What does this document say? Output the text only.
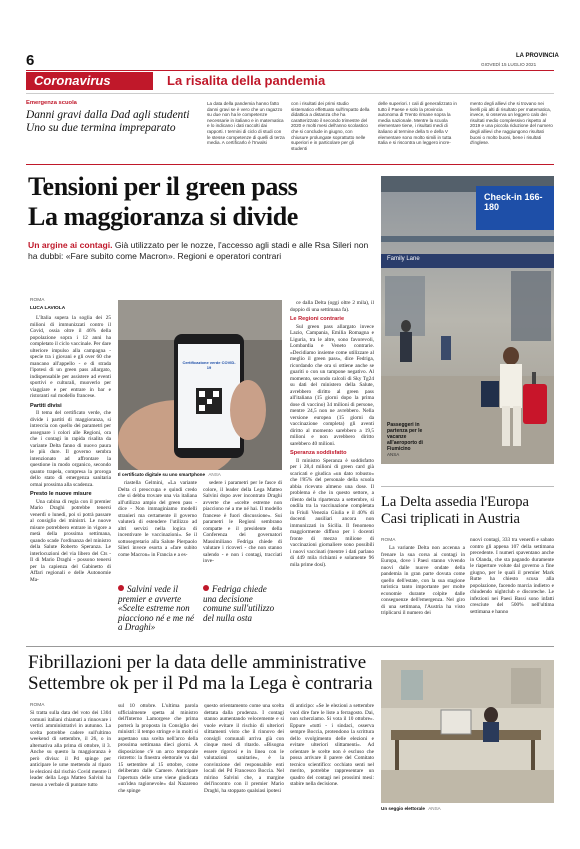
6	LA PROVINCIA
GIOVEDÌ 15 LUGLIO 2021
Coronavirus	La risalita della pandemia
Emergenza scuola
Danni gravi dalla Dad agli studenti Uno su due termina impreparato
La data della pandemia hanno fatto danni gravi se è vero che un ragazzo su due non ha le competenze necessarie in italiano e in matematica e lo indicano i dati raccolti dai rapporti. I termini di ciclo di studi con le stesse competenze di quelli di terza media. A certificarlo è l'Invalsi
con i risultati dei primi studio sistematico effettuato sull'impatto della didattica a distanza che ha caratterizzato il secondo trimestre del 2020 e molti mesi dell'anno scolastico che si conclude in giugno, con chiusure prolungate soprattutto nelle superiori e in particolare per gli studenti
delle superiori. I cali di generalizzato in tutto il Paese e solo la provincia autonoma di Trento rimane sopra la media nazionale. Mentre la scuola elementare tiene, i risultati medi di italiano al termine della 5 e della V elementare sono molto simili in tutta Italia e si riscontra un leggero incre-
mento degli allievi che si trovano nei livelli più alti di risultato per matematica, invece, si osserva un leggero calo dei risultati medio complessivo rispetto al 2019 e una piccola riduzione del numero degli allievi che raggiungono risultati buoni o molto buoni, bene i risultati d'inglese.
Tensioni per il green pass
La maggioranza si divide
Un argine ai contagi. Già utilizzato per le nozze, l'accesso agli stadi e alle Rsa Sileri non ha dubbi: «Fare subito come Macron». Regioni e operatori contrari
Check-in 166-180
Family Lane
Passeggeri in partenza per le vacanze all'aeroporto di Fiumicino
ANSA
ROMA
LUCA LAVIOLA

L'Italia supera la soglia dei 25 milioni di immunizzati contro il Covid, ossia oltre il 46% della popolazione sopra i 12 anni ha completato il ciclo vaccinale. Per dare ulteriore impulso alla campagna - specie tra i giovani e gli over 60 che mancano all'appello - e di strada l'ipotesi di un green pass allargato, indispensabile per assistere ad eventi sportivi e culturali, muoverlo per viaggiare e per entrare in bar e ristoranti sul modello francese.

Partiti divisi

Il tema del certificato verde, che divide i partiti di maggioranza, si intreccia con quello dei parametri per assegnare i colori alle Regioni, ora che i contagi in rapida risalita da variante Delta fanno di nuovo paura le più dure. Il governo sembra intenzionato ad affrontare la questione in modo organico, secondo quanto trapela, compresa la proroga dello stato di emergenza sanitaria ormai prossima alla scadenza.

Presto le nuove misure

Una cabina di regia con il premier Mario Draghi potrebbe tenersi venerdì o lunedì, poi si potrà passare al consiglio dei ministri. Le nuove misure potrebbero entrare in vigore a metà della prossima settimana, quando scade l'ordinanza del ministro della Salute Roberto Speranza. Le interlocuzioni del via libero del Cts - Il di Mario Draghi - possono tenersi per la capienza del Gabinetto di Affari regionali e delle Autonomie Ma-

Certificazione verde COVID-19
Il certificato digitale su uno smartphone ANSA

riastella Gelmini, «La variante Delta ci preoccupa e quindi credo che si debba trovare una via italiana all'utilizzo ampio del green pass - dice - Non immaginiamo modelli stranieri ma certamente il governo valuterà di estendere l'utilizzo ad altri servizi nella logica di incentivare le vaccinazioni». Se il sottosegretario alla Salute Pierpaolo Sileri invece esorta a «fare subito come Macron» in Francia e a es-

sedere i parametri per le fasce di colore, il leader della Lega Matteo Salvini dopo aver incontrato Draghi avverte che «scelte estreme non piacciono né a me né hai. Il modello francese è fuori discussione». Sui parametri le Regioni sembrano compatte e il presidente della Conferenza dei governatori Massimiliano Fedriga chiede di valutare i ricoveri - che non stanno salendo - e non i contagi, tracciati inve-

Salvini vede il premier e avverte «Scelte estreme non piacciono né e me né a Draghi»
Fedriga chiede una decisione comune sull'utilizzo del nulla osta

ce dalla Delta (oggi oltre 2 mila), il doppio di una settimana fa).

Le Regioni contrarie

Sul green pass allargato invece Lazio, Campania, Emilia Romagna e Liguria, tra le altre, sono favorevoli, Lombardia e Veneto contrarie. «Decidiamo insieme come utilizzare al meglio il green pass», dice Fedriga, ricordando che ora si ottiene anche se guariti o con un tampone negativo. Al momento, secondo calcoli di Sky Tg24 su dati del ministero della Salute, avrebbero diritto al green pass all'italiana (15 giorni dopo la prima dose di vaccino) 34 milioni di persone, mentre 24,5 non ne avrebbero. Nella versione europea (15 giorni da vaccinazione completa) gli aventi diritto al momento sarebbero a 19,5 milioni e non avrebbero diritto sarebbero 40 milioni.

Speranza soddisfatto

Il ministro Speranza è soddisfatto per i 28,4 milioni di green card già scaricati e giudica «un dato robusto» che l'85% del personale della scuola abbia ricevuto almeno una dose. Il problema è che in questo settore, a rilento della ripartenza a settembre, si ondila tra la vaccinazione completata in Friuli Venezia Giulia e il 40% di docenti ausiliari ancora non immunizzati in Sicilia. Il fenomeno maggiormente diffuso per i docenti fronte di mezzo milione di vaccinazioni giornaliere sono possibili i nuovi vaccinati (mentre i dati parlano di 449 mila richiami e solamente 96 mila prime dosi).

La Delta assedia l'Europa Casi triplicati in Austria
ROMA
La variante Delta non accenna a frenare la sua corsa ai contagi in Europa, dove i Paesi stanno vivendo nuovi dalle nuove ondate della pandemia in gran parte dovuta come quello dell'estate, con la sua stagione turistica tanto importante per molte economie durante colpite dalle conseguenze dell'emergenza. Nel giro di una settimana, l'Austria ha visto triplicarsi il numero dei
nuovi contagi, 333 tra venerdì e sabato contro gli appena 107 della settimana precedente. I numeri spaventano anche in Olanda, che sta pagando duramente le riaperture volute dal governo a fine giugno, per le quali il premier Mark Rutte ha chiesto scusa alla popolazione, facendo marcia indietro e chiudendo nightclub e discoteche. Le infezioni nei Paesi Bassi sono infatti cresciute del 500% nell'ultima settimana e hanno
Fibrillazioni per la data delle amministrative
Settembre ok per il Pd ma la Lega è contraria
ROMA
Si tratta sulla data del voto dei 1304 comuni italiani chiamati a rinnovare i vertici amministrativi in autunno. La scelta potrebbe cadere sull'ultimo weekend di settembre, il 26, o in alternativa alla prima di ottobre, il 3. Anche su questo la maggioranza è però divisa: il Pd spinge per anticipare le urne mettendo al riparo le elezioni dal rischio Covid mentre il leader della Lega Matteo Salvini ha messo a verbale di puntare tutto
sul 10 ottobre. L'ultima parola ufficialmente spetta al ministro dell'Interno Lamorgese che prima porterà la proposta in Consiglio dei ministri: il tempo stringe e in molti si aspettano una scelta nell'arco della prossima settimana dieci giorni. A disposizione c'è un arco temporale ristretto: la finestra elettorale va dal 15 settembre al 15 ottobre, come deliberato dalle Camere. Anticipare l'apertura delle urne viene giudicata «un'idea ragionevole» dal Nazareno che spinge
questo orientamento come una scelta dettata dalla prudenza. I contagi stanno aumentando velocemente e si vuole evitare il rischio di ulteriori slittamenti visto che il rinnovo dei consigli comunali arriva già con cinque mesi di ritardo. «Bisogna essere rigorosi e in linea con le valutazioni sanitarie», è la convinzione del responsabile enti locali del Pd Francesco Boccia. Nel mirino Salvini che, a margine dell'incontro con il premier Mario Draghi, ha stoppato qualsiasi ipotesi
di anticipo: «Se le elezioni a settembre vuol dire fare le liste a ferragosto. Dai, non scherziamo. Si vota il 10 ottobre». Eppure «tutti - i sindaci, osserva sempre Boccia, protendono la scrittura dello svolgimento delle elezioni e evitare ulteriori slittamenti». Ad orientare le scelte non è escluso che possa arrivare il parere del Comitato tecnico scientifico: occhiato senti nel merito, potrebbe rappresentare un quadro del contagi nei prossimi mesi: stabire nella decisione.
Un seggio elettorale ANSA
